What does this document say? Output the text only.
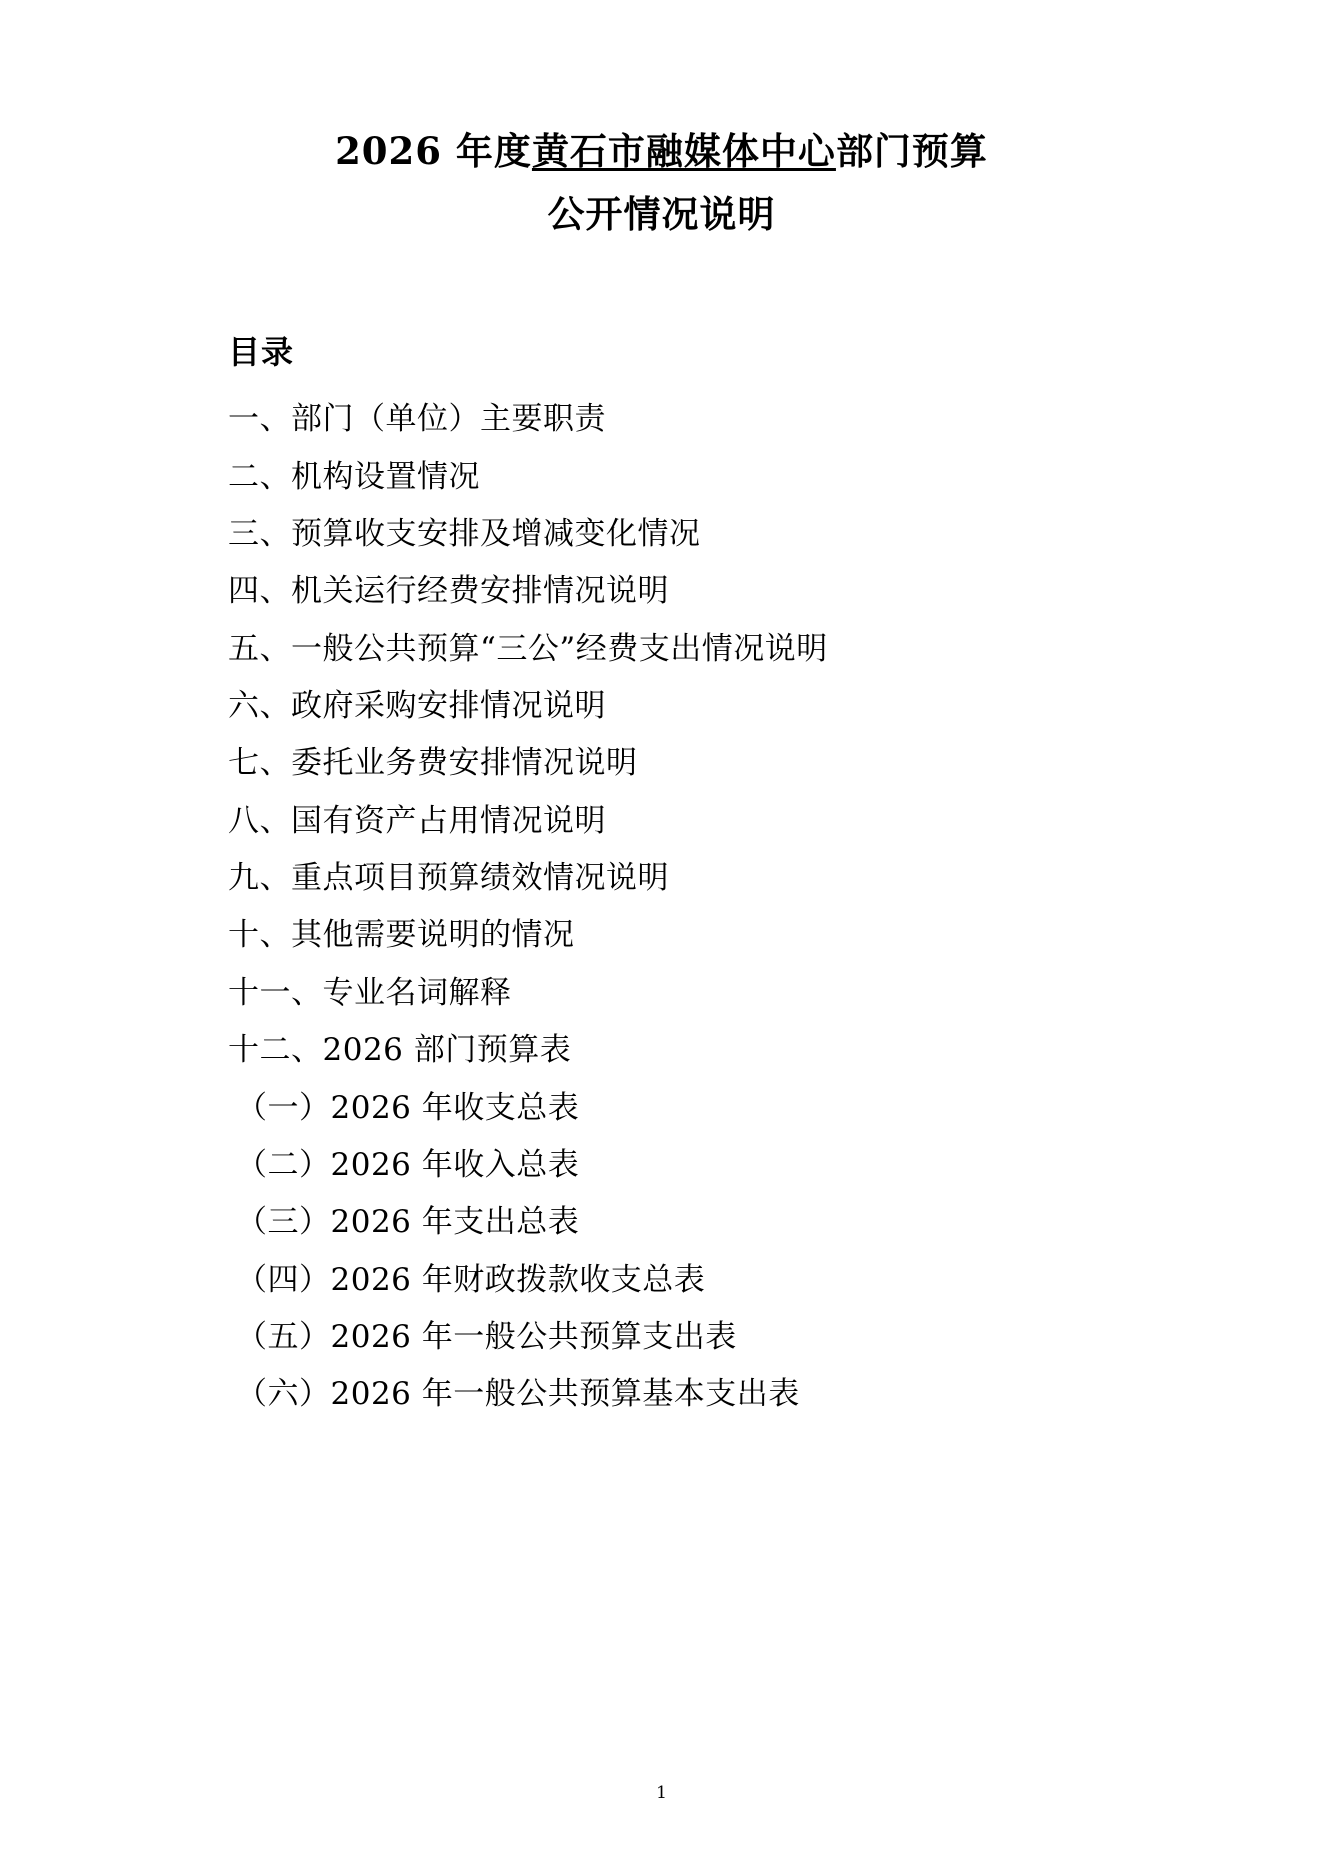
2026 年度黄石市融媒体中心部门预算
公开情况说明
目录
一、部门（单位）主要职责
二、机构设置情况
三、预算收支安排及增减变化情况
四、机关运行经费安排情况说明
五、一般公共预算“三公”经费支出情况说明
六、政府采购安排情况说明
七、委托业务费安排情况说明
八、国有资产占用情况说明
九、重点项目预算绩效情况说明
十、其他需要说明的情况
十一、专业名词解释
十二、2026 部门预算表
（一）2026 年收支总表
（二）2026 年收入总表
（三）2026 年支出总表
（四）2026 年财政拨款收支总表
（五）2026 年一般公共预算支出表
（六）2026 年一般公共预算基本支出表
1
